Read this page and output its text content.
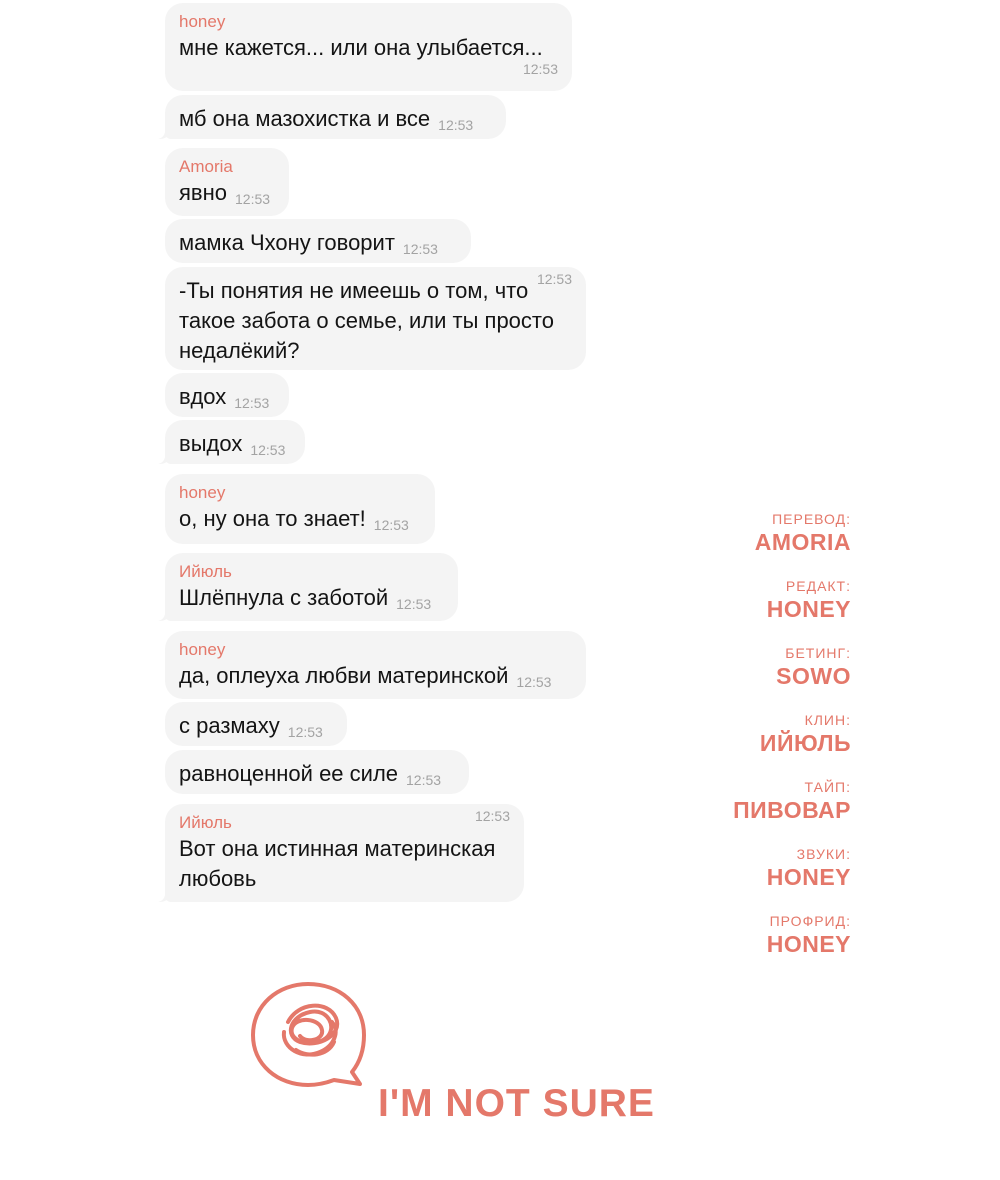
honey
мне кажется... или она улыбается...
12:53
мб она мазохистка и все 12:53
Amoria
явно 12:53
мамка Чхону говорит 12:53
-Ты понятия не имеешь о том, что
такое забота о семье, или ты просто
недалёкий?
12:53
вдох 12:53
выдох 12:53
honey
о, ну она то знает! 12:53
Ийюль
Шлёпнула с заботой 12:53
honey
да, оплеуха любви материнской 12:53
с размаху 12:53
равноценной ее силе 12:53
Ийюль
Вот она истинная материнская
любовь
12:53
ПЕРЕВОД:
AMORIA
РЕДАКТ:
HONEY
БЕТИНГ:
SOWO
КЛИН:
ИЙЮЛЬ
ТАЙП:
ПИВОВАР
ЗВУКИ:
HONEY
ПРОФРИД:
HONEY
I'M NOT SURE
